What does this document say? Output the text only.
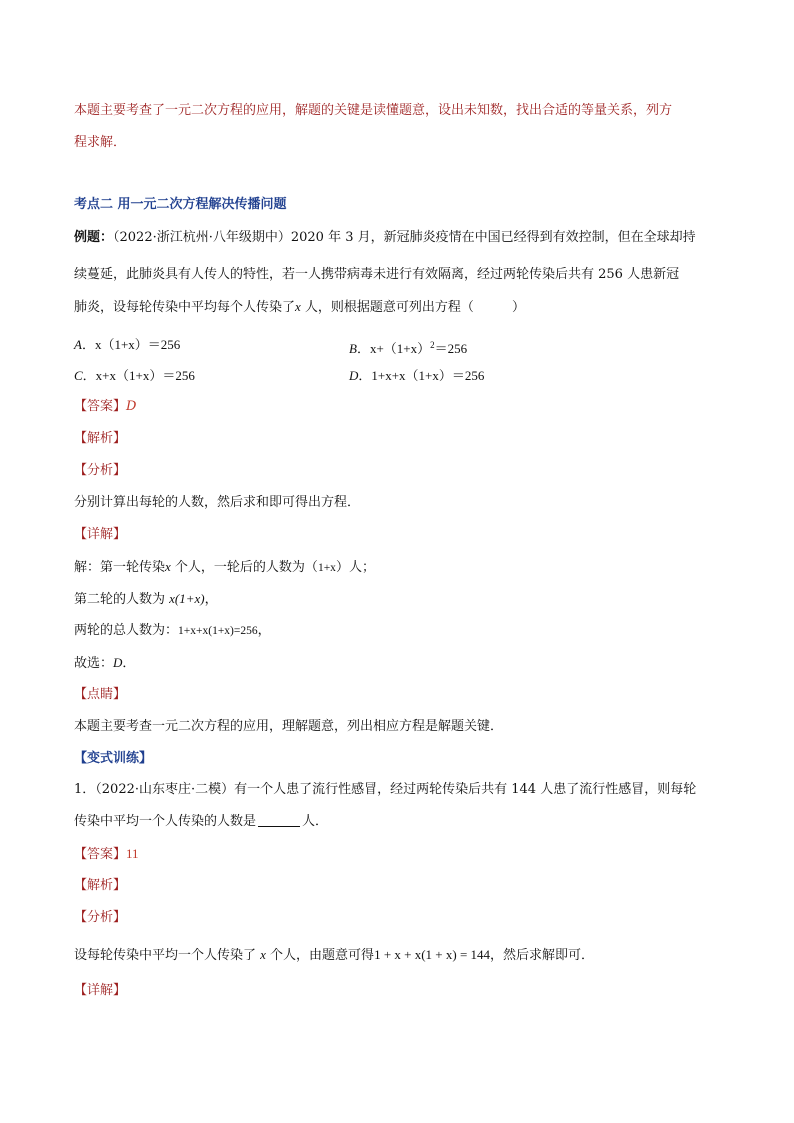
本题主要考查了一元二次方程的应用，解题的关键是读懂题意，设出未知数，找出合适的等量关系，列方
程求解．
考点二 用一元二次方程解决传播问题
例题：（2022·浙江杭州·八年级期中）2020 年 3 月，新冠肺炎疫情在中国已经得到有效控制，但在全球却持
续蔓延，此肺炎具有人传人的特性，若一人携带病毒未进行有效隔离，经过两轮传染后共有 256 人患新冠
肺炎，设每轮传染中平均每个人传染了x 人，则根据题意可列出方程（	）
A．x（1+x）＝256	B．$x+(1+x)^2=256$
C．x+x（1+x）＝256	D．1+x+x（1+x）＝256
【答案】D
【解析】
【分析】
分别计算出每轮的人数，然后求和即可得出方程．
【详解】
解：第一轮传染x 个人，一轮后的人数为（1+x）人；
第二轮的人数为 x(1+x)，
两轮的总人数为：1+x+x(1+x)=256，
故选：D．
【点睛】
本题主要考查一元二次方程的应用，理解题意，列出相应方程是解题关键．
【变式训练】
1．（2022·山东枣庄·二模）有一个人患了流行性感冒，经过两轮传染后共有 144 人患了流行性感冒，则每轮
传染中平均一个人传染的人数是	人．
【答案】11
【解析】
【分析】
设每轮传染中平均一个人传染了 x 个人，由题意可得1 + x + x(1 + x) = 144，然后求解即可．
【详解】
